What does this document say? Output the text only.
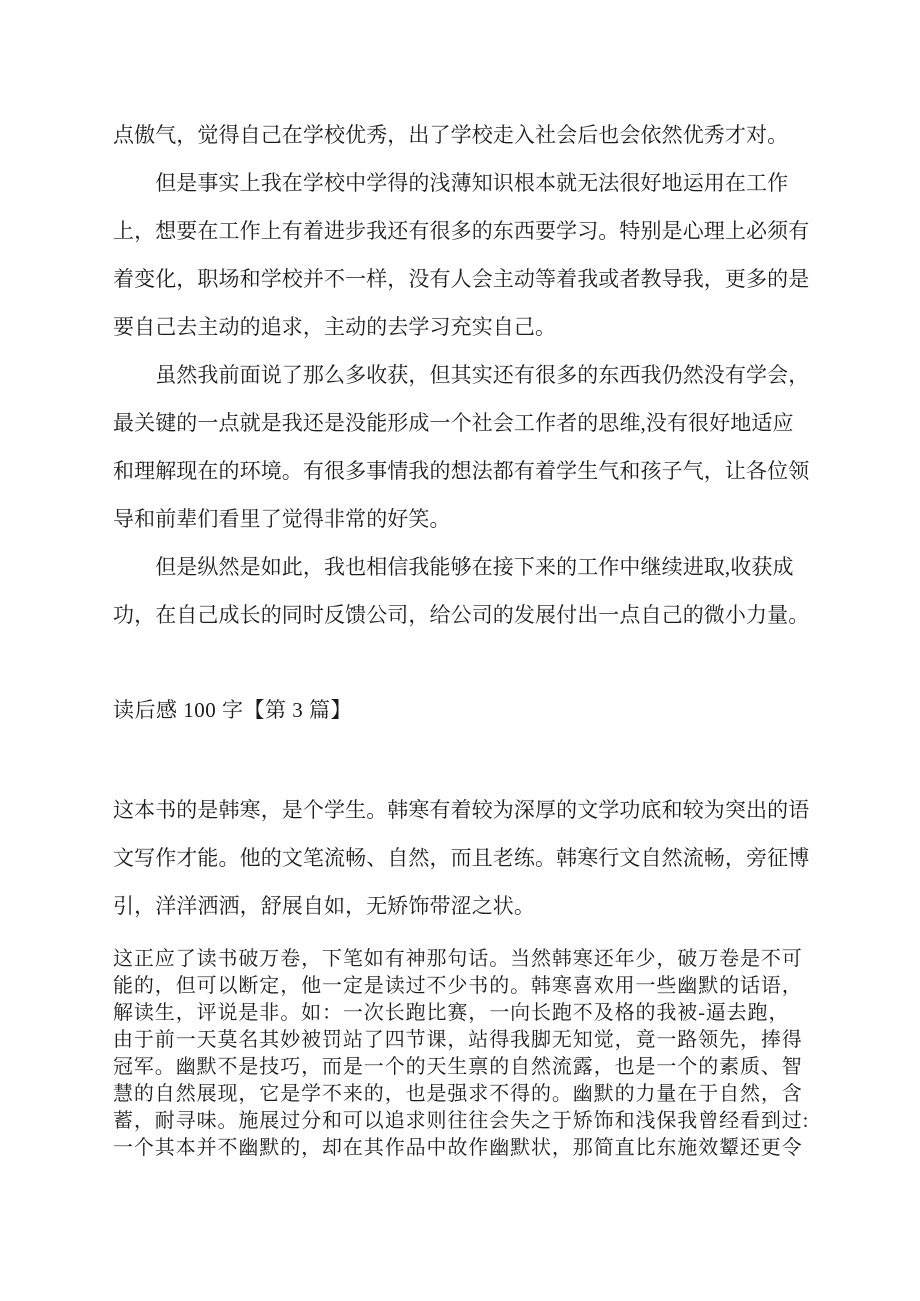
点傲气，觉得自己在学校优秀，出了学校走入社会后也会依然优秀才对。
　　但是事实上我在学校中学得的浅薄知识根本就无法很好地运用在工作
上，想要在工作上有着进步我还有很多的东西要学习。特别是心理上必须有
着变化，职场和学校并不一样，没有人会主动等着我或者教导我，更多的是
要自己去主动的追求，主动的去学习充实自己。
　　虽然我前面说了那么多收获，但其实还有很多的东西我仍然没有学会，
最关键的一点就是我还是没能形成一个社会工作者的思维,没有很好地适应
和理解现在的环境。有很多事情我的想法都有着学生气和孩子气，让各位领
导和前辈们看里了觉得非常的好笑。
　　但是纵然是如此，我也相信我能够在接下来的工作中继续进取,收获成
功，在自己成长的同时反馈公司，给公司的发展付出一点自己的微小力量。
读后感 100 字【第 3 篇】
这本书的是韩寒，是个学生。韩寒有着较为深厚的文学功底和较为突出的语
文写作才能。他的文笔流畅、自然，而且老练。韩寒行文自然流畅，旁征博
引，洋洋洒洒，舒展自如，无矫饰带涩之状。
这正应了读书破万卷，下笔如有神那句话。当然韩寒还年少，破万卷是不可
能的，但可以断定，他一定是读过不少书的。韩寒喜欢用一些幽默的话语，
解读生，评说是非。如：一次长跑比赛，一向长跑不及格的我被-逼去跑，
由于前一天莫名其妙被罚站了四节课，站得我脚无知觉，竟一路领先，捧得
冠军。幽默不是技巧，而是一个的天生禀的自然流露，也是一个的素质、智
慧的自然展现，它是学不来的，也是强求不得的。幽默的力量在于自然，含
蓄，耐寻味。施展过分和可以追求则往往会失之于矫饰和浅保我曾经看到过:
一个其本并不幽默的，却在其作品中故作幽默状，那简直比东施效颦还更令
